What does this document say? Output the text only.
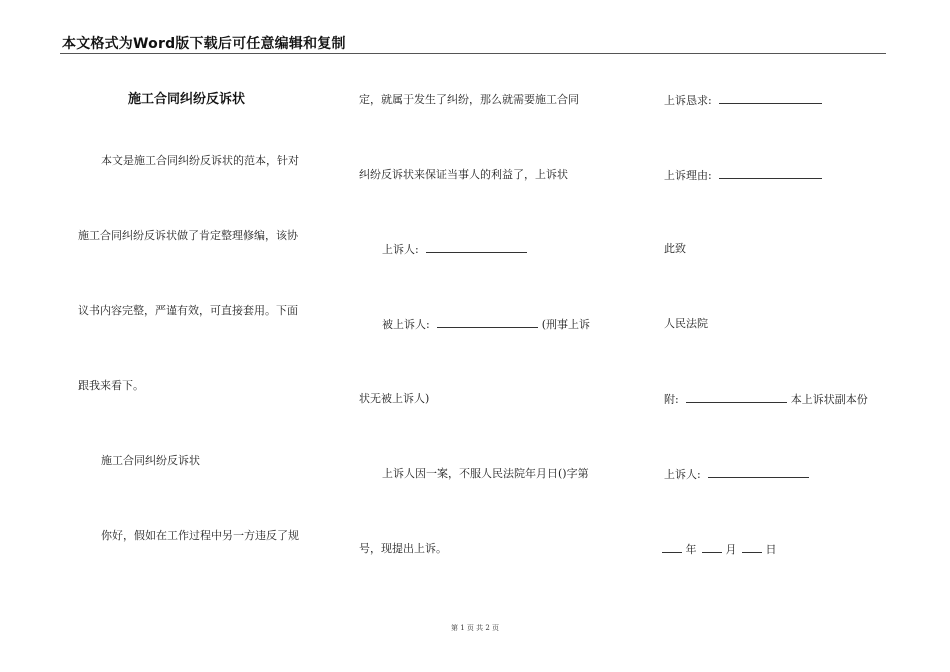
本文格式为Word版下载后可任意编辑和复制
施工合同纠纷反诉状
本文是施工合同纠纷反诉状的范本，针对
施工合同纠纷反诉状做了肯定整理修编，该协
议书内容完整，严谨有效，可直接套用。下面
跟我来看下。
施工合同纠纷反诉状
你好，假如在工作过程中另一方违反了规
定，就属于发生了纠纷，那么就需要施工合同
纠纷反诉状来保证当事人的利益了，上诉状
上诉人:
被上诉人:	(刑事上诉
状无被上诉人)
上诉人因一案，不服人民法院年月日()字第
号，现提出上诉。
上诉恳求:
上诉理由:
此致
人民法院
附:	本上诉状副本份
上诉人:
年	月	日
第 1 页 共 2 页
